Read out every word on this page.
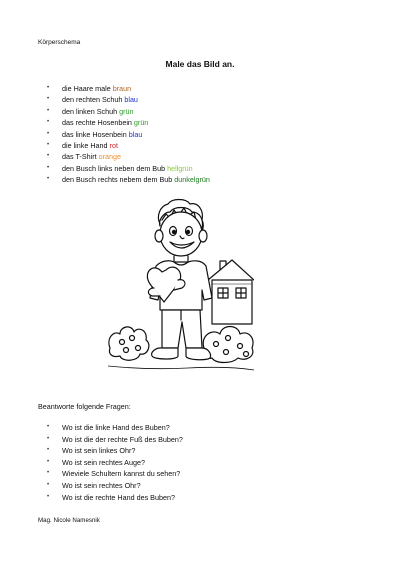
Körperschema
Male das Bild an.
• die Haare male braun
• den rechten Schuh blau
• den linken Schuh grün
• das rechte Hosenbein grün
• das linke Hosenbein blau
• die linke Hand rot
• das T-Shirt orange
• den Busch links neben dem Bub hellgrün
• den Busch rechts nebem dem Bub dunkelgrün
Beantworte folgende Fragen:
• Wo ist die linke Hand des Buben?
• Wo ist die der rechte Fuß des Buben?
• Wo ist sein linkes Ohr?
• Wo ist sein rechtes Auge?
• Wieviele Schultern kannst du sehen?
• Wo ist sein rechtes Ohr?
• Wo ist die rechte Hand des Buben?
Mag. Nicole Namesnik
